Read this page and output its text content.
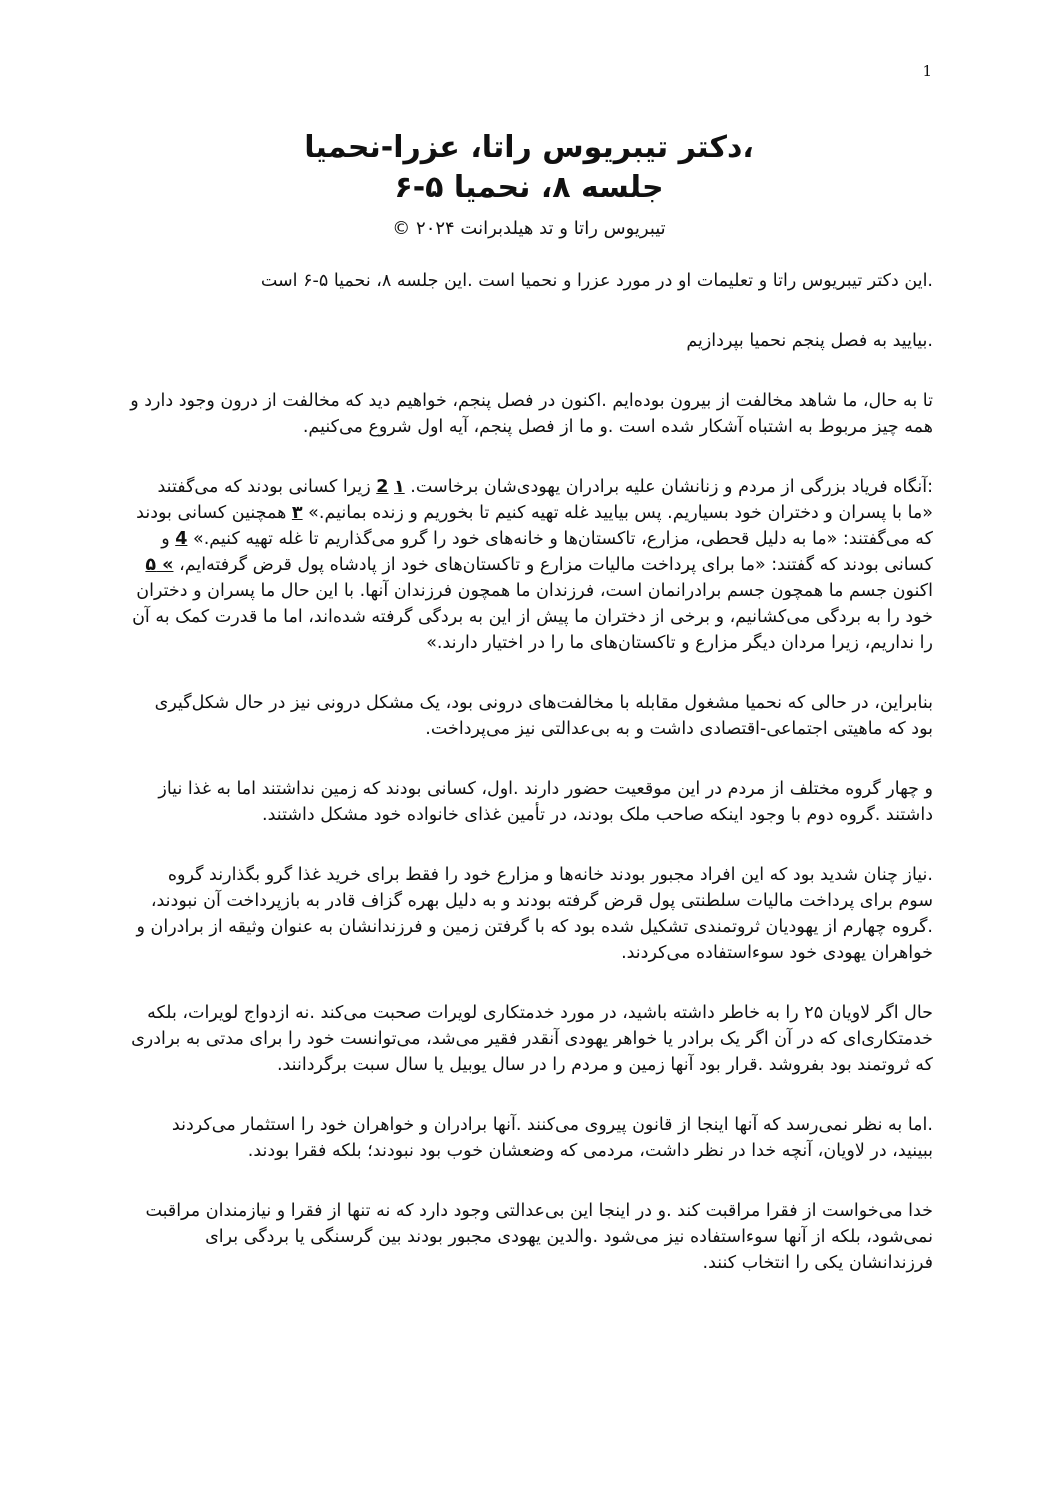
1
،دکتر تیبریوس راتا، عزرا-نحمیا
جلسه ۸، نحمیا ۵-۶
تیبریوس راتا و تد هیلدبرانت ۲۰۲۴ ©

.این دکتر تیبریوس راتا و تعلیمات او در مورد عزرا و نحمیا است .این جلسه ۸، نحمیا ۵-۶ است

.بیایید به فصل پنجم نحمیا بپردازیم

تا به حال، ما شاهد مخالفت از بیرون بوده‌ایم .اکنون در فصل پنجم، خواهیم دید که مخالفت از درون وجود دارد و همه چیز مربوط به اشتباه آشکار شده است .و ما از فصل پنجم، آیه اول شروع می‌کنیم.

:آنگاه فریاد بزرگی از مردم و زنانشان علیه برادران یهودی‌شان برخاست. ۱ 2 زیرا کسانی بودند که می‌گفتند «ما با پسران و دختران خود بسیاریم. پس بیایید غله تهیه کنیم تا بخوریم و زنده بمانیم.» ۳ همچنین کسانی بودند که می‌گفتند: «ما به دلیل قحطی، مزارع، تاکستان‌ها و خانه‌های خود را گرو می‌گذاریم تا غله تهیه کنیم.» 4 و کسانی بودند که گفتند: «ما برای پرداخت مالیات مزارع و تاکستان‌های خود از پادشاه پول قرض گرفته‌ایم، » ۵ اکنون جسم ما همچون جسم برادرانمان است، فرزندان ما همچون فرزندان آنها. با این حال ما پسران و دختران خود را به بردگی می‌کشانیم، و برخی از دختران ما پیش از این به بردگی گرفته شده‌اند، اما ما قدرت کمک به آن را نداریم، زیرا مردان دیگر مزارع و تاکستان‌های ما را در اختیار دارند.»

بنابراین، در حالی که نحمیا مشغول مقابله با مخالفت‌های درونی بود، یک مشکل درونی نیز در حال شکل‌گیری بود که ماهیتی اجتماعی-اقتصادی داشت و به بی‌عدالتی نیز می‌پرداخت.

و چهار گروه مختلف از مردم در این موقعیت حضور دارند .اول، کسانی بودند که زمین نداشتند اما به غذا نیاز داشتند .گروه دوم با وجود اینکه صاحب ملک بودند، در تأمین غذای خانواده خود مشکل داشتند.

.نیاز چنان شدید بود که این افراد مجبور بودند خانه‌ها و مزارع خود را فقط برای خرید غذا گرو بگذارند گروه سوم برای پرداخت مالیات سلطنتی پول قرض گرفته بودند و به دلیل بهره گزاف قادر به بازپرداخت آن نبودند، .گروه چهارم از یهودیان ثروتمندی تشکیل شده بود که با گرفتن زمین و فرزندانشان به عنوان وثیقه از برادران و خواهران یهودی خود سوءاستفاده می‌کردند.

حال اگر لاویان ۲۵ را به خاطر داشته باشید، در مورد خدمتکاری لویرات صحبت می‌کند .نه ازدواج لویرات، بلکه خدمتکاری‌ای که در آن اگر یک برادر یا خواهر یهودی آنقدر فقیر می‌شد، می‌توانست خود را برای مدتی به برادری که ثروتمند بود بفروشد .قرار بود آنها زمین و مردم را در سال یوبیل یا سال سبت برگردانند.

.اما به نظر نمی‌رسد که آنها اینجا از قانون پیروی می‌کنند .آنها برادران و خواهران خود را استثمار می‌کردند ببینید، در لاویان، آنچه خدا در نظر داشت، مردمی که وضعشان خوب بود نبودند؛ بلکه فقرا بودند.

خدا می‌خواست از فقرا مراقبت کند .و در اینجا این بی‌عدالتی وجود دارد که نه تنها از فقرا و نیازمندان مراقبت نمی‌شود، بلکه از آنها سوءاستفاده نیز می‌شود .والدین یهودی مجبور بودند بین گرسنگی یا بردگی برای فرزندانشان یکی را انتخاب کنند.
